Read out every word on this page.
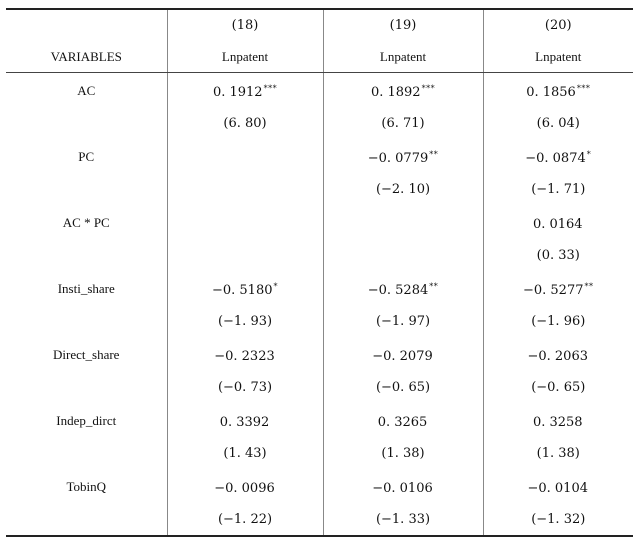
	(18)	(19)	(20)
VARIABLES	Lnpatent	Lnpatent	Lnpatent
AC	0. 1912***	0. 1892***	0. 1856***
	(6. 80)	(6. 71)	(6. 04)
PC		−0. 0779**	−0. 0874*
		(−2. 10)	(−1. 71)
AC * PC			0. 0164
			(0. 33)
Insti_share	−0. 5180*	−0. 5284**	−0. 5277**
	(−1. 93)	(−1. 97)	(−1. 96)
Direct_share	−0. 2323	−0. 2079	−0. 2063
	(−0. 73)	(−0. 65)	(−0. 65)
Indep_dirct	0. 3392	0. 3265	0. 3258
	(1. 43)	(1. 38)	(1. 38)
TobinQ	−0. 0096	−0. 0106	−0. 0104
	(−1. 22)	(−1. 33)	(−1. 32)
